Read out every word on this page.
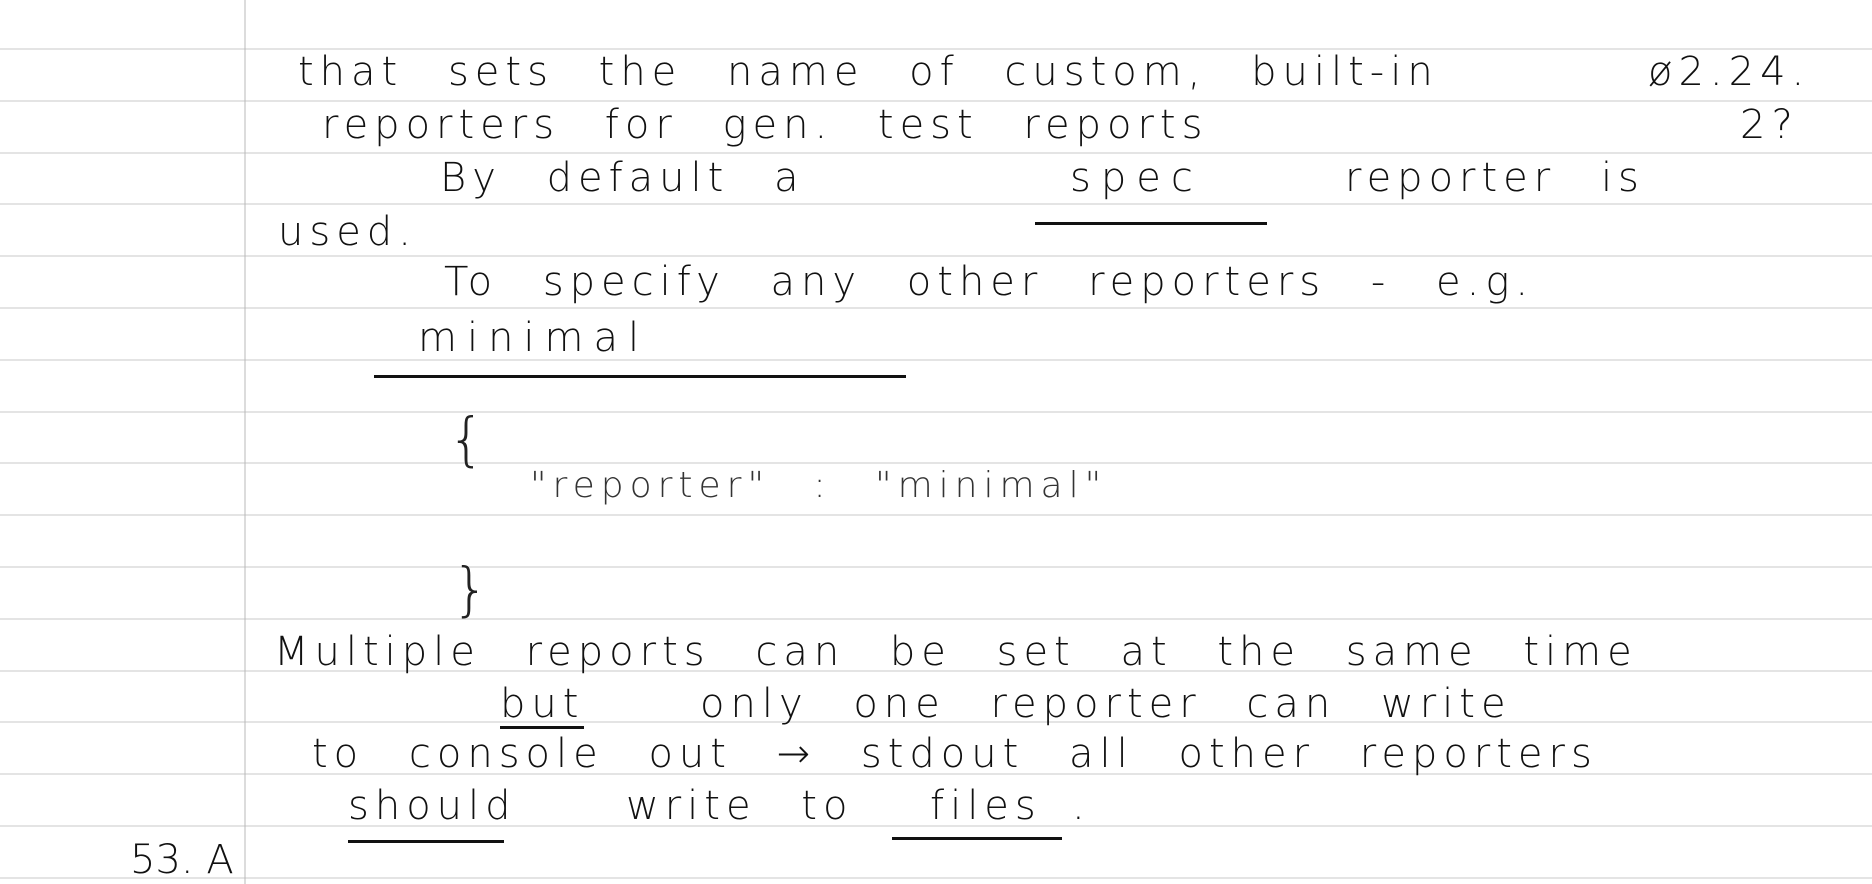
that sets the name of custom, built-in	ø2.24.
reporters for gen. test reports	2?
By default a	spec	reporter is
used.
To specify any other reporters - e.g.
minimal
{
"reporter" : "minimal"
}
Multiple reports can be set at the same time
but	only one reporter can write
to console out → stdout all other reporters
should	write to files .
53. A
